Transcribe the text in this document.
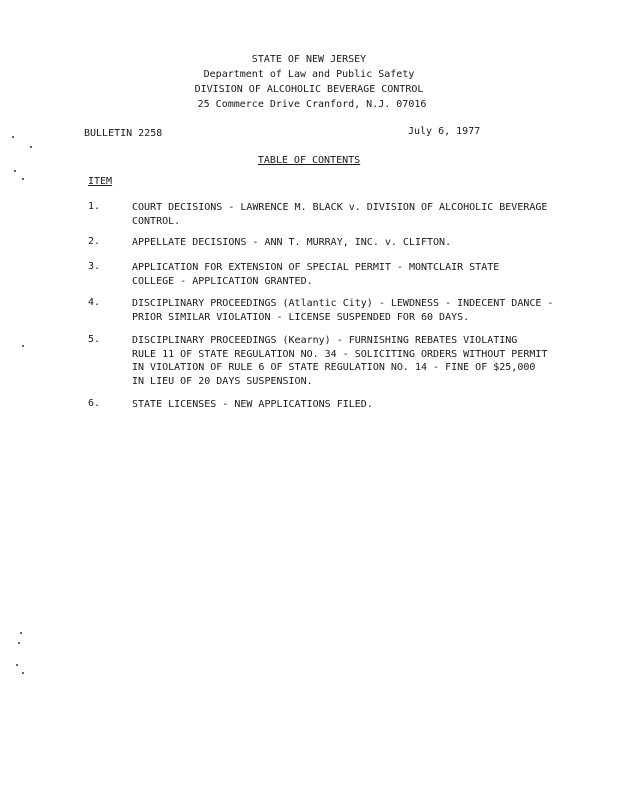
STATE OF NEW JERSEY
Department of Law and Public Safety
DIVISION OF ALCOHOLIC BEVERAGE CONTROL
25 Commerce Drive Cranford, N.J. 07016
BULLETIN 2258	July 6, 1977
TABLE OF CONTENTS
ITEM
1.	COURT DECISIONS - LAWRENCE M. BLACK v. DIVISION OF ALCOHOLIC BEVERAGE
CONTROL.
2.	APPELLATE DECISIONS - ANN T. MURRAY, INC. v. CLIFTON.
3.	APPLICATION FOR EXTENSION OF SPECIAL PERMIT - MONTCLAIR STATE
COLLEGE - APPLICATION GRANTED.
4.	DISCIPLINARY PROCEEDINGS (Atlantic City) - LEWDNESS - INDECENT DANCE -
PRIOR SIMILAR VIOLATION - LICENSE SUSPENDED FOR 60 DAYS.
5.	DISCIPLINARY PROCEEDINGS (Kearny) - FURNISHING REBATES VIOLATING
RULE 11 OF STATE REGULATION NO. 34 - SOLICITING ORDERS WITHOUT PERMIT
IN VIOLATION OF RULE 6 OF STATE REGULATION NO. 14 - FINE OF $25,000
IN LIEU OF 20 DAYS SUSPENSION.
6.	STATE LICENSES - NEW APPLICATIONS FILED.
